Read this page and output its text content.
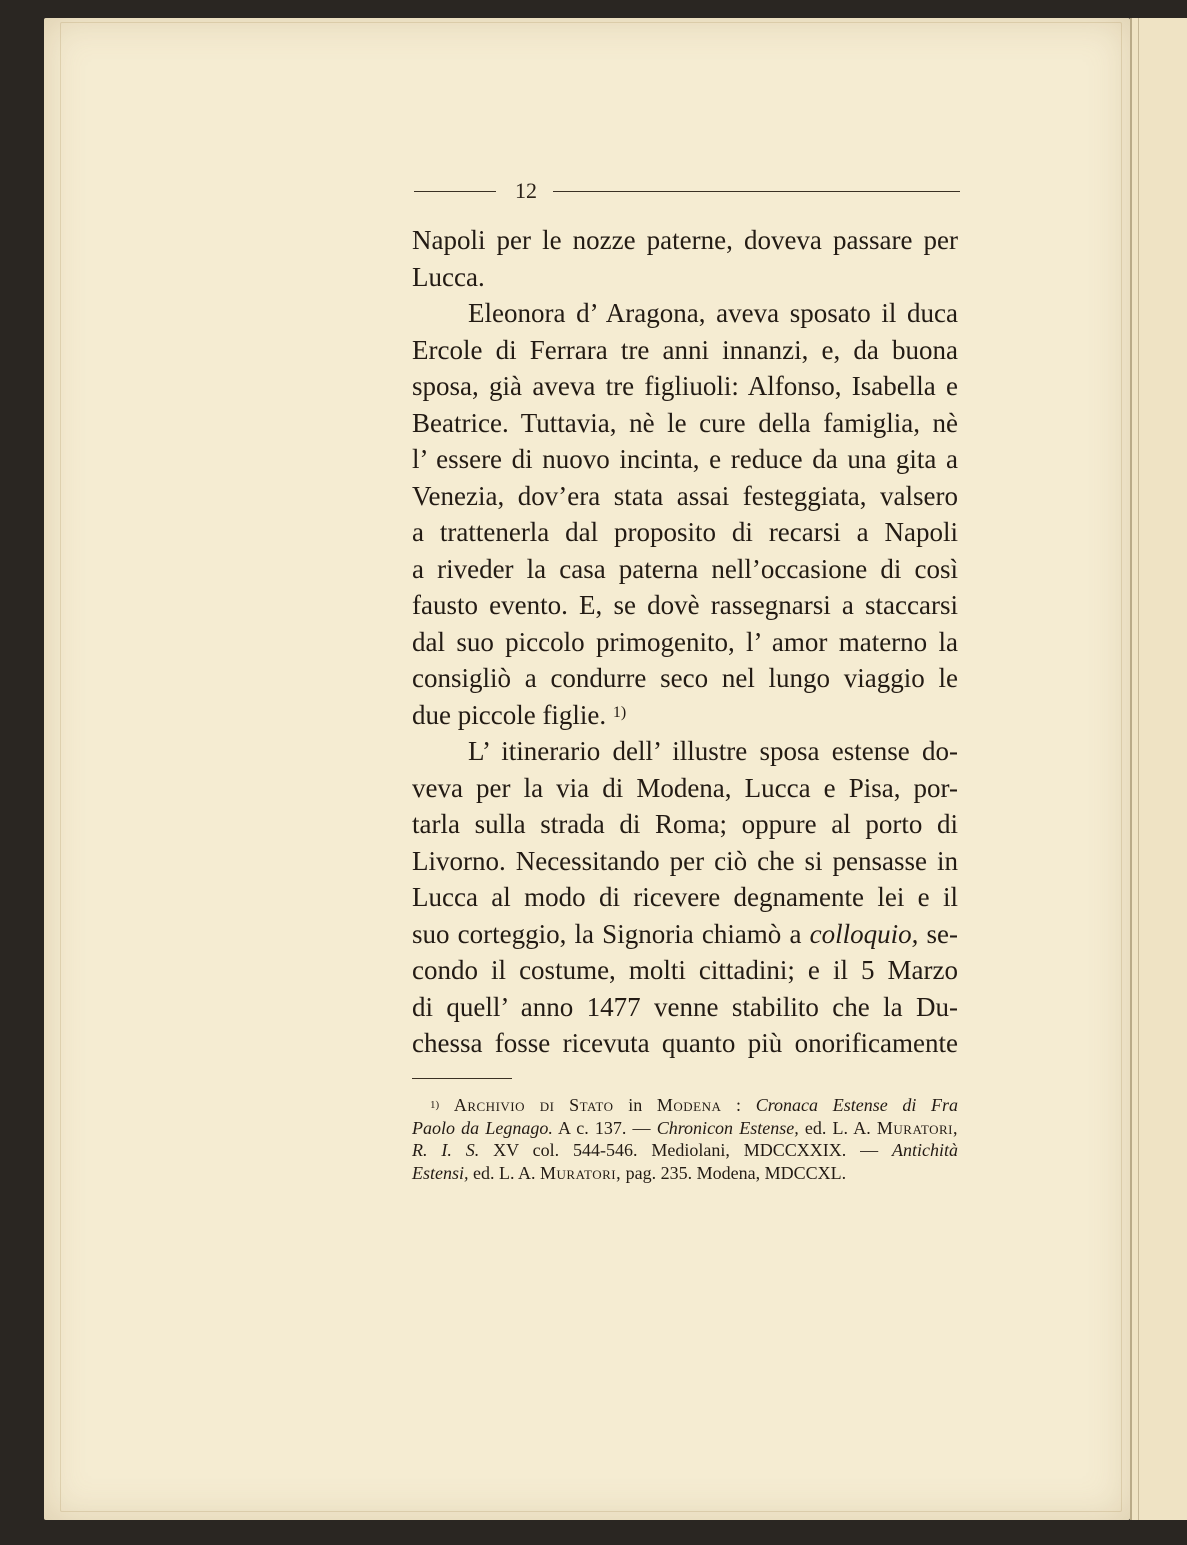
12
Napoli per le nozze paterne, doveva passare per
Lucca.
Eleonora d’ Aragona, aveva sposato il duca
Ercole di Ferrara tre anni innanzi, e, da buona
sposa, già aveva tre figliuoli: Alfonso, Isabella e
Beatrice. Tuttavia, nè le cure della famiglia, nè
l’ essere di nuovo incinta, e reduce da una gita a
Venezia, dov’era stata assai festeggiata, valsero
a trattenerla dal proposito di recarsi a Napoli
a riveder la casa paterna nell’occasione di così
fausto evento. E, se dovè rassegnarsi a staccarsi
dal suo piccolo primogenito, l’ amor materno la
consigliò a condurre seco nel lungo viaggio le
due piccole figlie. $^{1)}$
L’ itinerario dell’ illustre sposa estense do-
veva per la via di Modena, Lucca e Pisa, por-
tarla sulla strada di Roma; oppure al porto di
Livorno. Necessitando per ciò che si pensasse in
Lucca al modo di ricevere degnamente lei e il
suo corteggio, la Signoria chiamò a colloquio, se-
condo il costume, molti cittadini; e il 5 Marzo
di quell’ anno 1477 venne stabilito che la Du-
chessa fosse ricevuta quanto più onorificamente
$^{1)}$ Archivio di Stato in Modena : Cronaca Estense di Fra
Paolo da Legnago. A c. 137. — Chronicon Estense, ed. L. A. Muratori,
R. I. S. XV col. 544-546. Mediolani, MDCCXXIX. — Antichità
Estensi, ed. L. A. Muratori, pag. 235. Modena, MDCCXL.
